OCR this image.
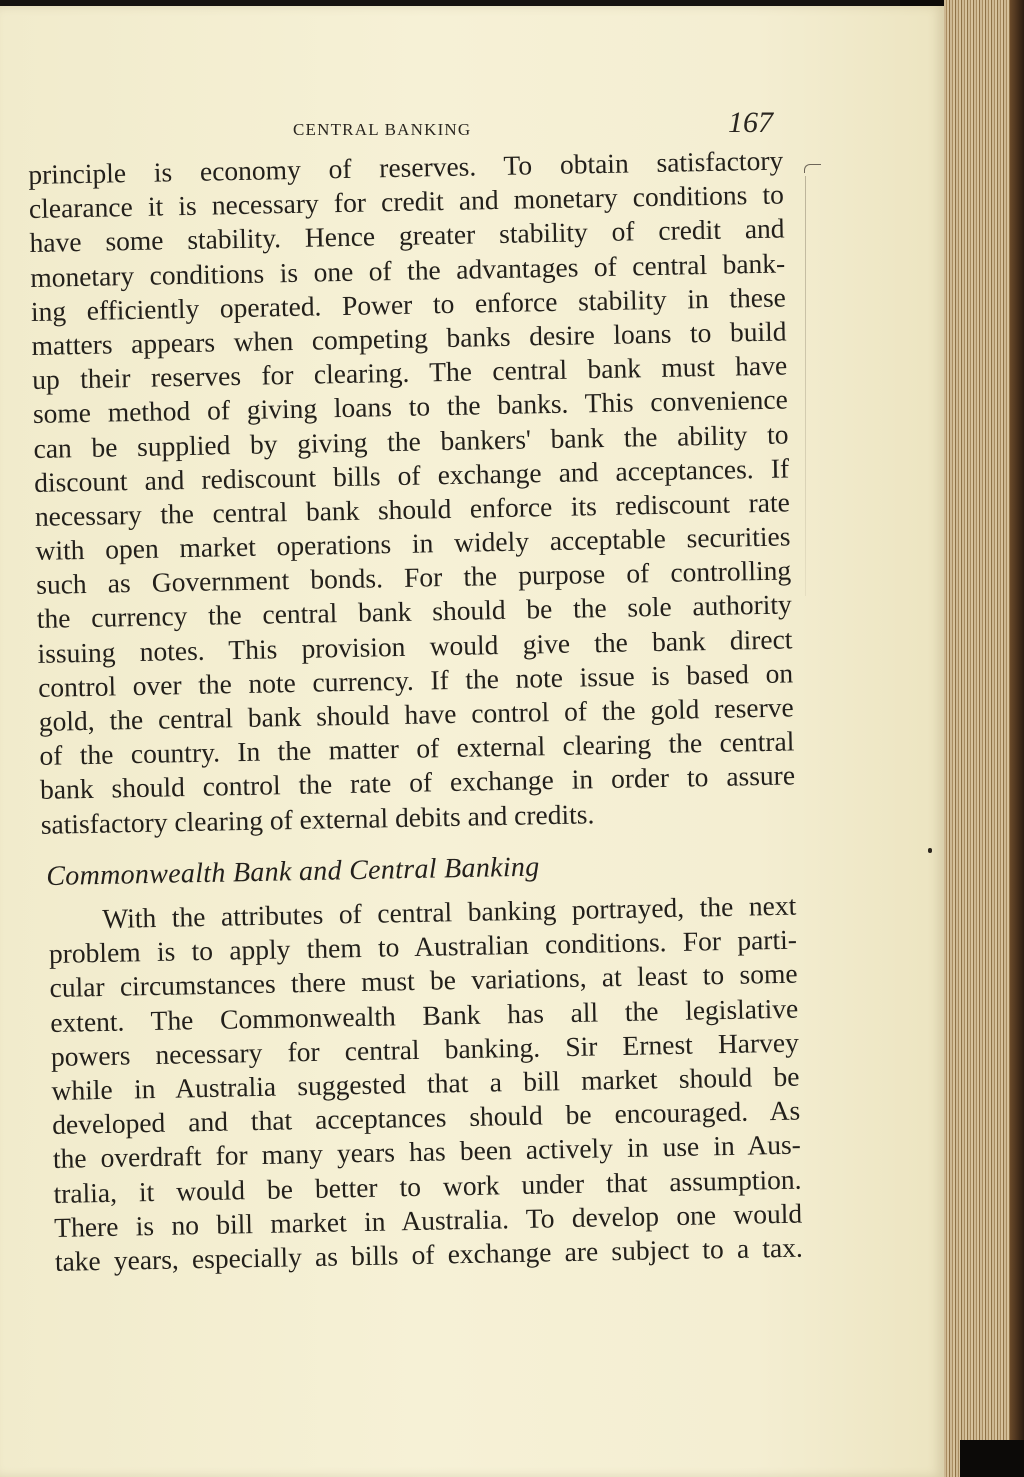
CENTRAL BANKING	167
principle is economy of reserves. To obtain satisfactory
clearance it is necessary for credit and monetary conditions to
have some stability. Hence greater stability of credit and
monetary conditions is one of the advantages of central bank-
ing efficiently operated. Power to enforce stability in these
matters appears when competing banks desire loans to build
up their reserves for clearing. The central bank must have
some method of giving loans to the banks. This convenience
can be supplied by giving the bankers' bank the ability to
discount and rediscount bills of exchange and acceptances. If
necessary the central bank should enforce its rediscount rate
with open market operations in widely acceptable securities
such as Government bonds. For the purpose of controlling
the currency the central bank should be the sole authority
issuing notes. This provision would give the bank direct
control over the note currency. If the note issue is based on
gold, the central bank should have control of the gold reserve
of the country. In the matter of external clearing the central
bank should control the rate of exchange in order to assure
satisfactory clearing of external debits and credits.
Commonwealth Bank and Central Banking
With the attributes of central banking portrayed, the next
problem is to apply them to Australian conditions. For parti-
cular circumstances there must be variations, at least to some
extent. The Commonwealth Bank has all the legislative
powers necessary for central banking. Sir Ernest Harvey
while in Australia suggested that a bill market should be
developed and that acceptances should be encouraged. As
the overdraft for many years has been actively in use in Aus-
tralia, it would be better to work under that assumption.
There is no bill market in Australia. To develop one would
take years, especially as bills of exchange are subject to a tax.
